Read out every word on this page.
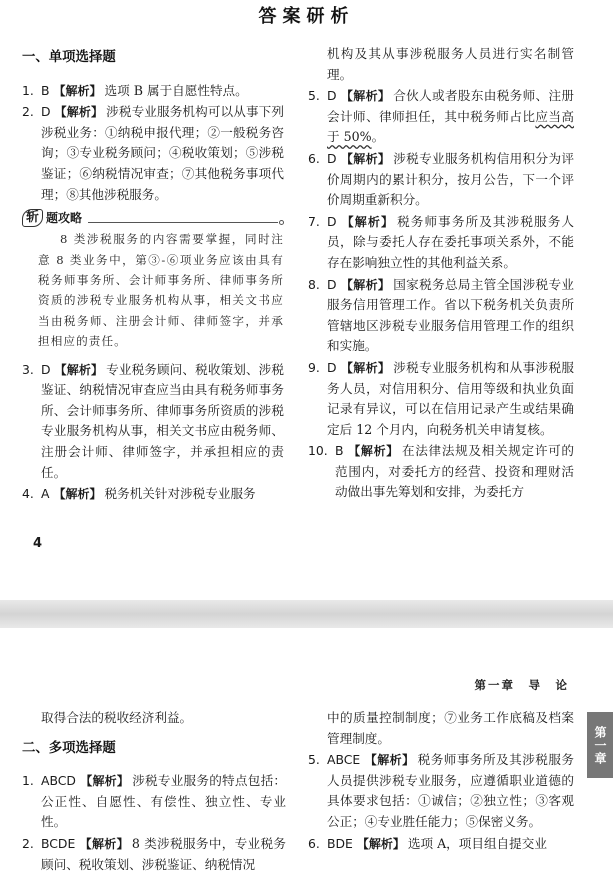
答案研析
一、单项选择题
1. B 【解析】 选项 B 属于自愿性特点。
2. D 【解析】 涉税专业服务机构可以从事下列涉税业务：①纳税申报代理；②一般税务咨询；③专业税务顾问；④税收策划；⑤涉税鉴证；⑥纳税情况审查；⑦其他税务事项代理；⑧其他涉税服务。
斩 题攻略
8 类涉税服务的内容需要掌握，同时注意 8 类业务中，第③-⑥项业务应该由具有税务师事务所、会计师事务所、律师事务所资质的涉税专业服务机构从事，相关文书应当由税务师、注册会计师、律师签字，并承担相应的责任。
3. D 【解析】 专业税务顾问、税收策划、涉税鉴证、纳税情况审查应当由具有税务师事务所、会计师事务所、律师事务所资质的涉税专业服务机构从事，相关文书应由税务师、注册会计师、律师签字，并承担相应的责任。
4. A 【解析】 税务机关针对涉税专业服务
机构及其从事涉税服务人员进行实名制管理。
5. D 【解析】 合伙人或者股东由税务师、注册会计师、律师担任，其中税务师占比应当高于 50%。
6. D 【解析】 涉税专业服务机构信用积分为评价周期内的累计积分，按月公告，下一个评价周期重新积分。
7. D 【解析】 税务师事务所及其涉税服务人员，除与委托人存在委托事项关系外，不能存在影响独立性的其他利益关系。
8. D 【解析】 国家税务总局主管全国涉税专业服务信用管理工作。省以下税务机关负责所管辖地区涉税专业服务信用管理工作的组织和实施。
9. D 【解析】 涉税专业服务机构和从事涉税服务人员，对信用积分、信用等级和执业负面记录有异议，可以在信用记录产生或结果确定后 12 个月内，向税务机关申请复核。
10. B 【解析】 在法律法规及相关规定许可的范围内，对委托方的经营、投资和理财活动做出事先筹划和安排，为委托方
4
第一章　导　论
第一章
取得合法的税收经济利益。
二、多项选择题
1. ABCD 【解析】 涉税专业服务的特点包括：公正性、自愿性、有偿性、独立性、专业性。
2. BCDE 【解析】 8 类涉税服务中，专业税务顾问、税收策划、涉税鉴证、纳税情况
中的质量控制制度；⑦业务工作底稿及档案管理制度。
5. ABCE 【解析】 税务师事务所及其涉税服务人员提供涉税专业服务，应遵循职业道德的具体要求包括：①诚信；②独立性；③客观公正；④专业胜任能力；⑤保密义务。
6. BDE 【解析】 选项 A，项目组自提交业
